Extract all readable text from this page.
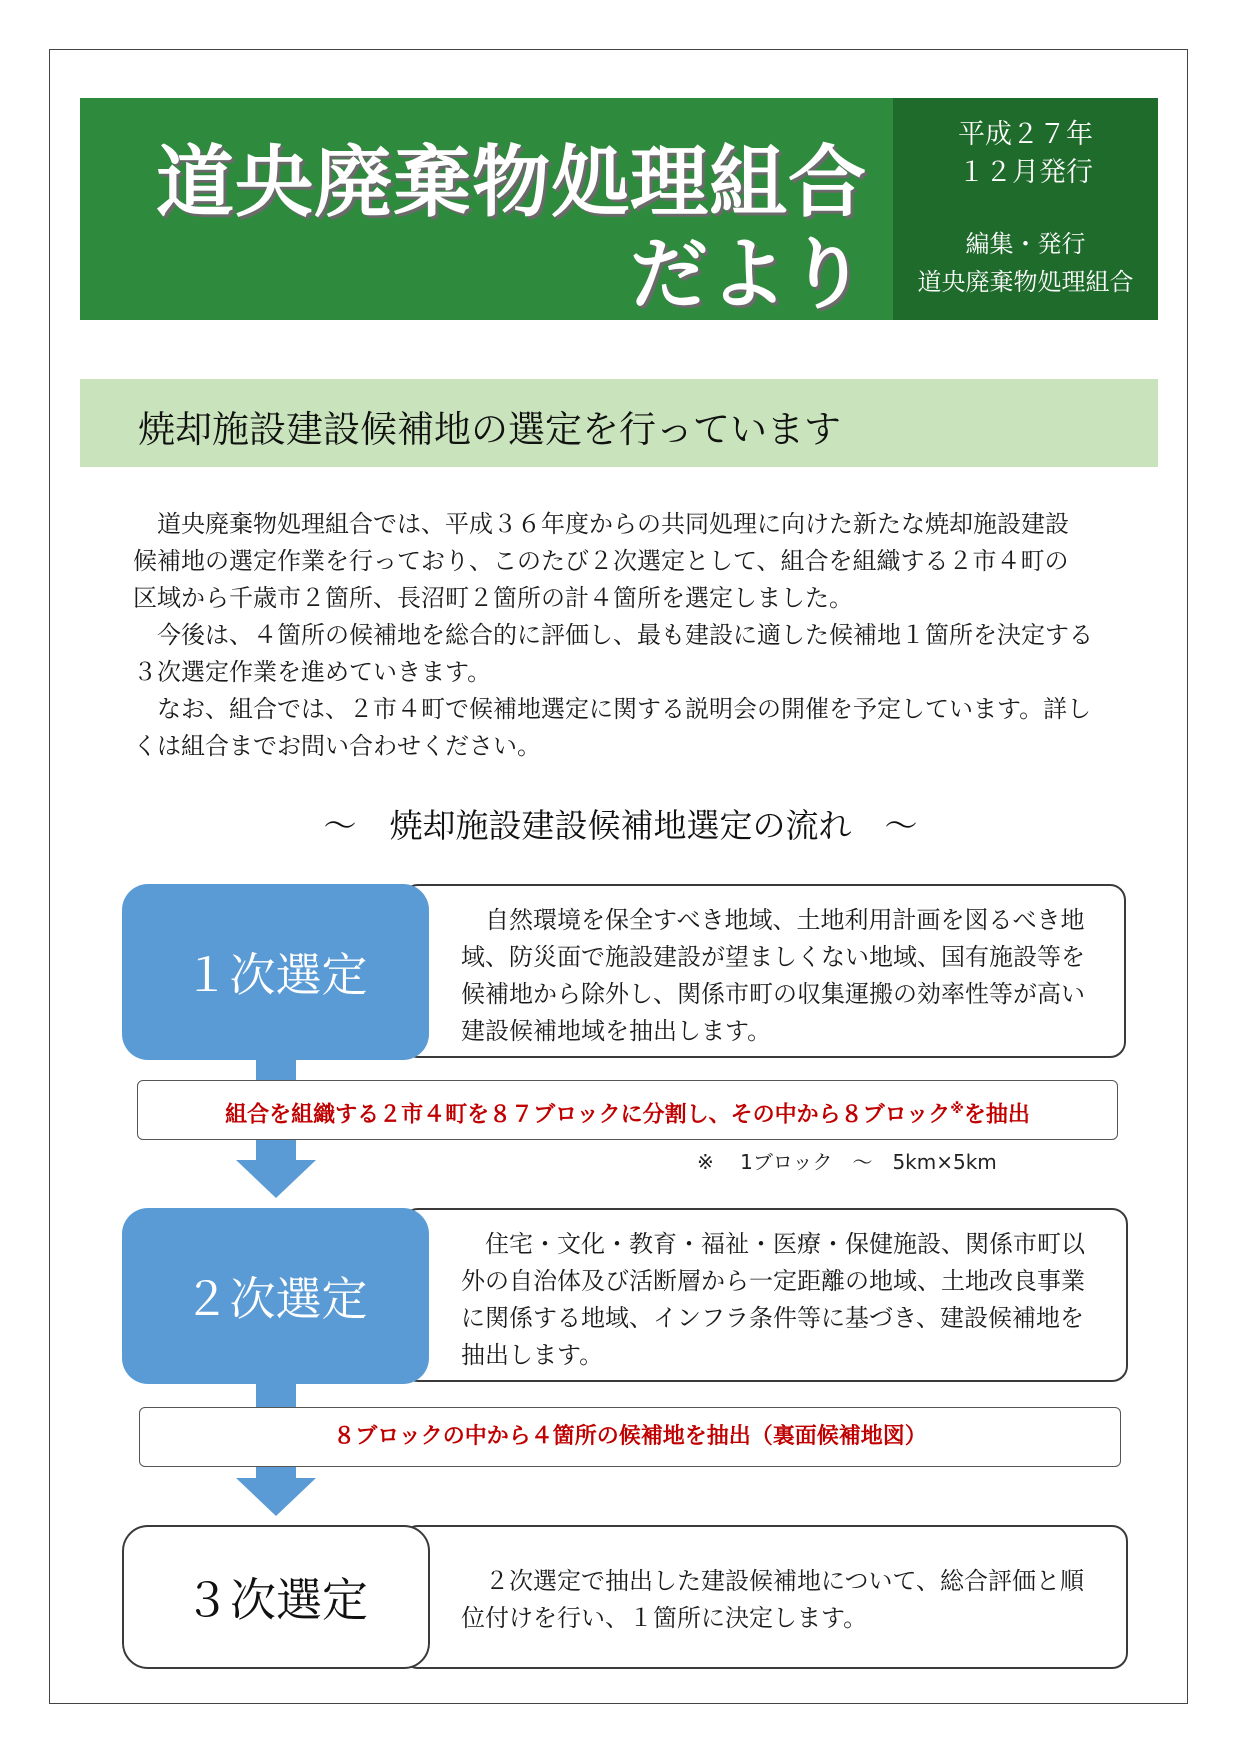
道央廃棄物処理組合
だより
平成２７年
１２月発行
編集・発行
道央廃棄物処理組合
焼却施設建設候補地の選定を行っています

道央廃棄物処理組合では、平成３６年度からの共同処理に向けた新たな焼却施設建設

候補地の選定作業を行っており、このたび２次選定として、組合を組織する２市４町の

区域から千歳市２箇所、長沼町２箇所の計４箇所を選定しました。

今後は、４箇所の候補地を総合的に評価し、最も建設に適した候補地１箇所を決定する３次選定作業を進めていきます。

なお、組合では、２市４町で候補地選定に関する説明会の開催を予定しています。詳しくは組合までお問い合わせください。

～　焼却施設建設候補地選定の流れ　～

自然環境を保全すべき地域、土地利用計画を図るべき地域、防災面で施設建設が望ましくない地域、国有施設等を候補地から除外し、関係市町の収集運搬の効率性等が高い建設候補地域を抽出します。

１次選定
組合を組織する２市４町を８７ブロックに分割し、その中から８ブロック※を抽出
※　 1ブロック　～　5km×5km

住宅・文化・教育・福祉・医療・保健施設、関係市町以外の自治体及び活断層から一定距離の地域、土地改良事業に関係する地域、インフラ条件等に基づき、建設候補地を抽出します。

２次選定
８ブロックの中から４箇所の候補地を抽出（裏面候補地図）

２次選定で抽出した建設候補地について、総合評価と順位付けを行い、１箇所に決定します。

３次選定
